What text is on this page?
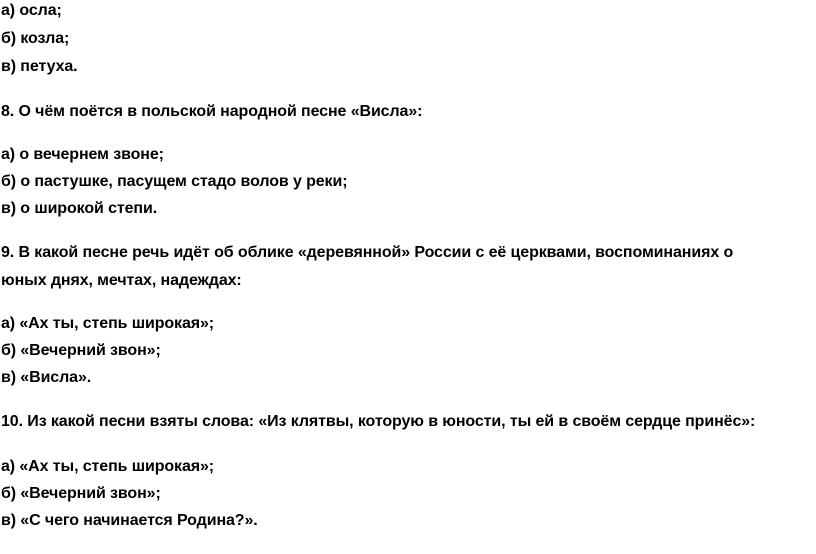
а) осла;
б) козла;
в) петуха.
8. О чём поётся в польской народной песне «Висла»:
а) о вечернем звоне;
б) о пастушке, пасущем стадо волов у реки;
в) о широкой степи.
9. В какой песне речь идёт об облике «деревянной» России с её церквами, воспоминаниях о
юных днях, мечтах, надеждах:
а) «Ах ты, степь широкая»;
б) «Вечерний звон»;
в) «Висла».
10. Из какой песни взяты слова: «Из клятвы, которую в юности, ты ей в своём сердце принёс»:
а) «Ах ты, степь широкая»;
б) «Вечерний звон»;
в) «С чего начинается Родина?».
